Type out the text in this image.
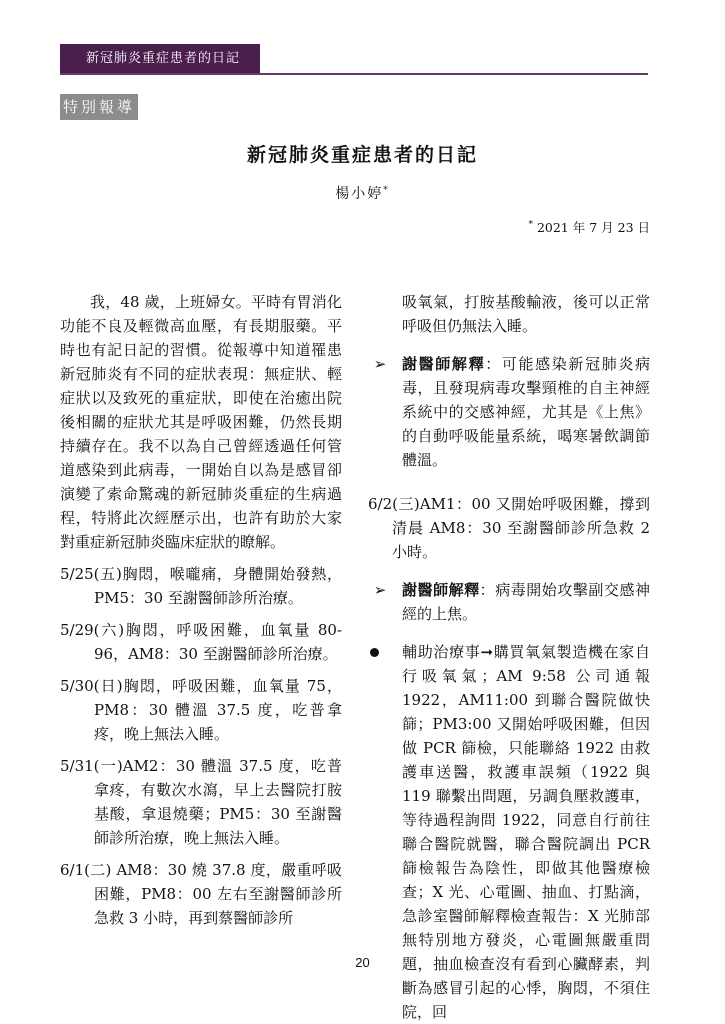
新冠肺炎重症患者的日記
特別報導
新冠肺炎重症患者的日記
楊小婷*
* 2021 年 7 月 23 日

我，48 歲，上班婦女。平時有胃消化功能不良及輕微高血壓，有長期服藥。平時也有記日記的習慣。從報導中知道罹患新冠肺炎有不同的症狀表現：無症狀、輕症狀以及致死的重症狀，即使在治癒出院後相關的症狀尤其是呼吸困難，仍然長期持續存在。我不以為自己曾經透過任何管道感染到此病毒，一開始自以為是感冒卻演變了索命驚魂的新冠肺炎重症的生病過程，特將此次經歷示出，也許有助於大家對重症新冠肺炎臨床症狀的瞭解。

5/25(五)胸悶，喉嚨痛，身體開始發熱，PM5：30 至謝醫師診所治療。

5/29(六)胸悶，呼吸困難，血氧量 80-96，AM8：30 至謝醫師診所治療。

5/30(日)胸悶，呼吸困難，血氧量 75，PM8：30 體溫 37.5 度，吃普拿疼，晚上無法入睡。

5/31(一)AM2：30 體溫 37.5 度，吃普拿疼，有數次水瀉，早上去醫院打胺基酸，拿退燒藥；PM5：30 至謝醫師診所治療，晚上無法入睡。

6/1(二) AM8：30 燒 37.8 度，嚴重呼吸困難，PM8：00 左右至謝醫師診所急救 3 小時，再到蔡醫師診所

吸氧氣，打胺基酸輸液，後可以正常呼吸但仍無法入睡。

➢	謝醫師解釋：可能感染新冠肺炎病毒，且發現病毒攻擊頸椎的自主神經系統中的交感神經，尤其是《上焦》的自動呼吸能量系統，喝寒暑飲調節體溫。

6/2(三)AM1：00 又開始呼吸困難，撐到清晨 AM8：30 至謝醫師診所急救 2 小時。

➢	謝醫師解釋：病毒開始攻擊副交感神經的上焦。
輔助治療事➞購買氧氣製造機在家自行吸氧氣；AM 9:58 公司通報 1922，AM11:00 到聯合醫院做快篩；PM3:00 又開始呼吸困難，但因做 PCR 篩檢，只能聯絡 1922 由救護車送醫，救護車誤頻（1922 與 119 聯繫出問題，另調負壓救護車，等待過程詢問 1922，同意自行前往聯合醫院就醫，聯合醫院調出 PCR 篩檢報告為陰性，即做其他醫療檢查；X 光、心電圖、抽血、打點滴，急診室醫師解釋檢查報告：X 光肺部無特別地方發炎，心電圖無嚴重問題，抽血檢查沒有看到心臟酵素，判斷為感冒引起的心悸，胸悶，不須住院，回
20
